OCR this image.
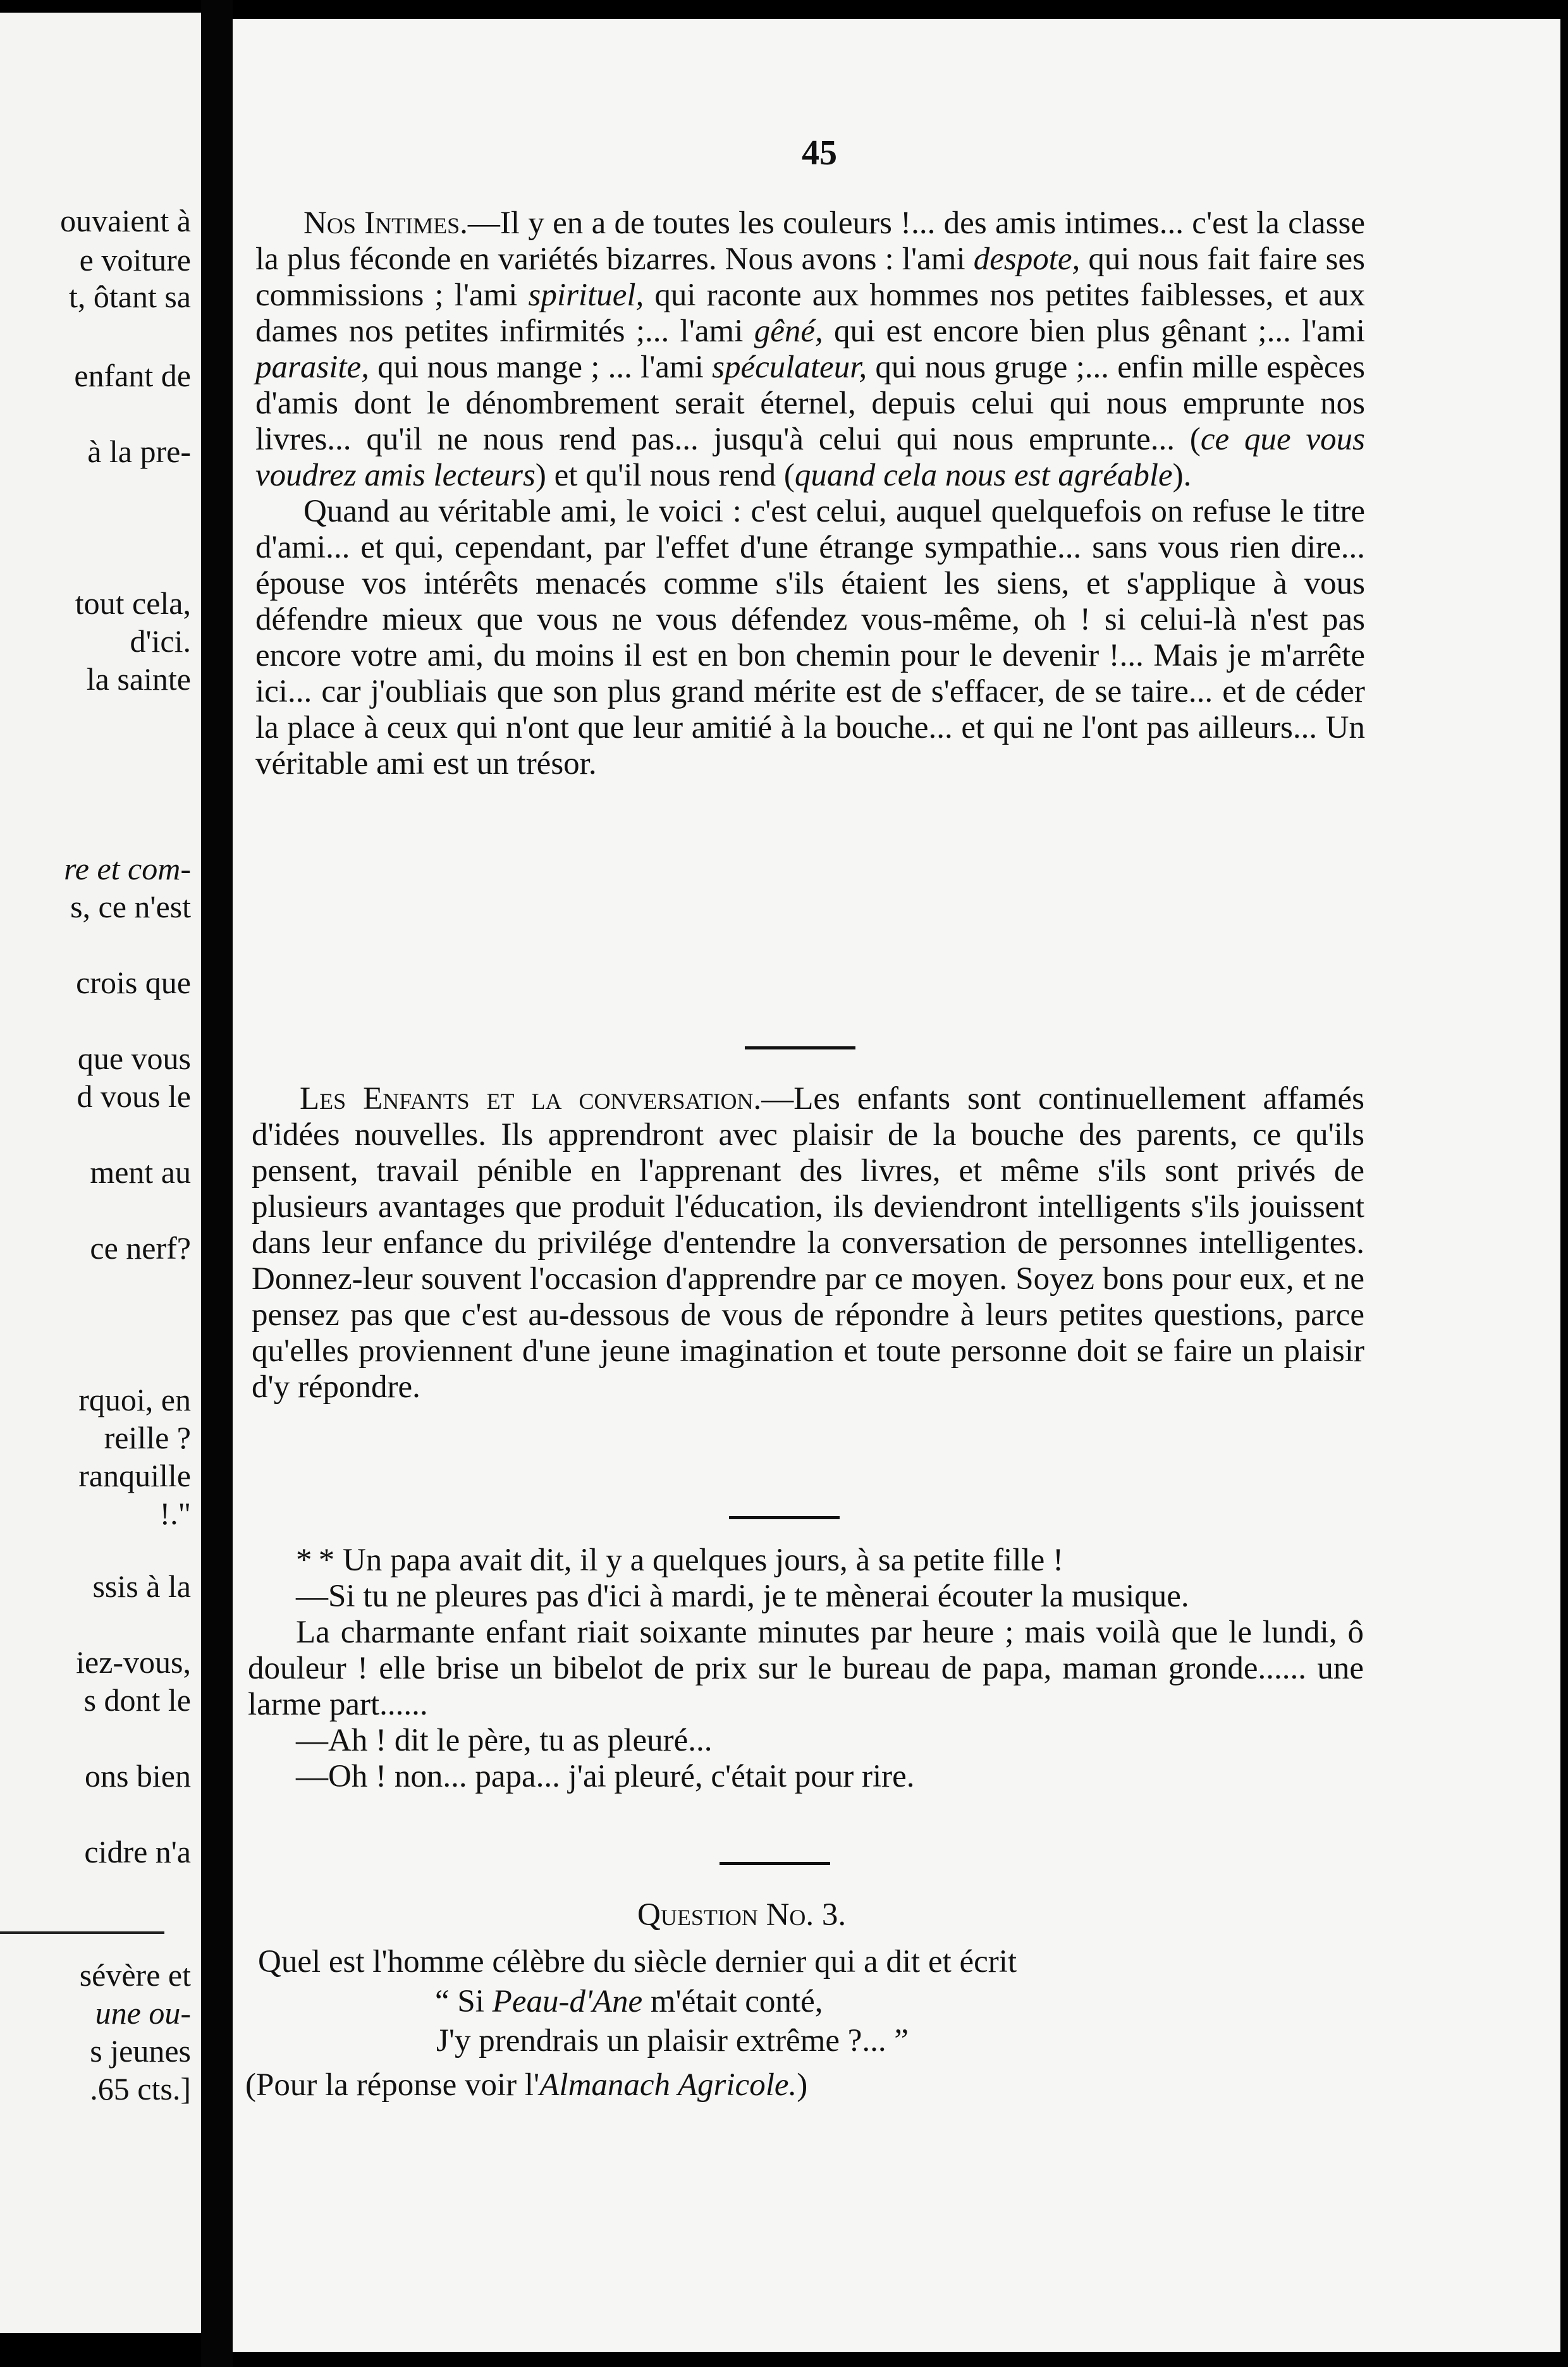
ouvaient à
e voiture
t, ôtant sa
enfant de
à la pre-
tout cela,
d'ici.
la sainte
re et com-
s, ce n'est
crois que
que vous
d vous le
ment au
ce nerf?
rquoi, en
reille ?
ranquille
!."
ssis à la
iez-vous,
s dont le
ons bien
cidre n'a
sévère et
une ou-
s jeunes
.65 cts.]
45

Nos Intimes.—Il y en a de toutes les couleurs !... des amis intimes... c'est la classe la plus féconde en variétés bizarres. Nous avons : l'ami despote, qui nous fait faire ses commissions ; l'ami spirituel, qui raconte aux hommes nos petites faiblesses, et aux dames nos petites infirmités ;... l'ami gêné, qui est encore bien plus gênant ;... l'ami parasite, qui nous mange ; ... l'ami spéculateur, qui nous gruge ;... enfin mille espèces d'amis dont le dénombrement serait éternel, depuis celui qui nous emprunte nos livres... qu'il ne nous rend pas... jusqu'à celui qui nous emprunte... (ce que vous voudrez amis lecteurs) et qu'il nous rend (quand cela nous est agréable).

Quand au véritable ami, le voici : c'est celui, auquel quelquefois on refuse le titre d'ami... et qui, cependant, par l'effet d'une étrange sympathie... sans vous rien dire... épouse vos intérêts menacés comme s'ils étaient les siens, et s'applique à vous défendre mieux que vous ne vous défendez vous-même, oh ! si celui-là n'est pas encore votre ami, du moins il est en bon chemin pour le devenir !... Mais je m'arrête ici... car j'oubliais que son plus grand mérite est de s'effacer, de se taire... et de céder la place à ceux qui n'ont que leur amitié à la bouche... et qui ne l'ont pas ailleurs... Un véritable ami est un trésor.

Les Enfants et la conversation.—Les enfants sont continuellement affamés d'idées nouvelles. Ils apprendront avec plaisir de la bouche des parents, ce qu'ils pensent, travail pénible en l'apprenant des livres, et même s'ils sont privés de plusieurs avantages que produit l'éducation, ils deviendront intelligents s'ils jouissent dans leur enfance du privilége d'entendre la conversation de personnes intelligentes. Donnez-leur souvent l'occasion d'apprendre par ce moyen. Soyez bons pour eux, et ne pensez pas que c'est au-dessous de vous de répondre à leurs petites questions, parce qu'elles proviennent d'une jeune imagination et toute personne doit se faire un plaisir d'y répondre.

* * Un papa avait dit, il y a quelques jours, à sa petite fille !

—Si tu ne pleures pas d'ici à mardi, je te mènerai écouter la musique.

La charmante enfant riait soixante minutes par heure ; mais voilà que le lundi, ô douleur ! elle brise un bibelot de prix sur le bureau de papa, maman gronde...... une larme part......

—Ah ! dit le père, tu as pleuré...

—Oh ! non... papa... j'ai pleuré, c'était pour rire.

Question No. 3.
Quel est l'homme célèbre du siècle dernier qui a dit et écrit
“ Si Peau-d'Ane m'était conté,
J'y prendrais un plaisir extrême ?... ”
(Pour la réponse voir l'Almanach Agricole.)
